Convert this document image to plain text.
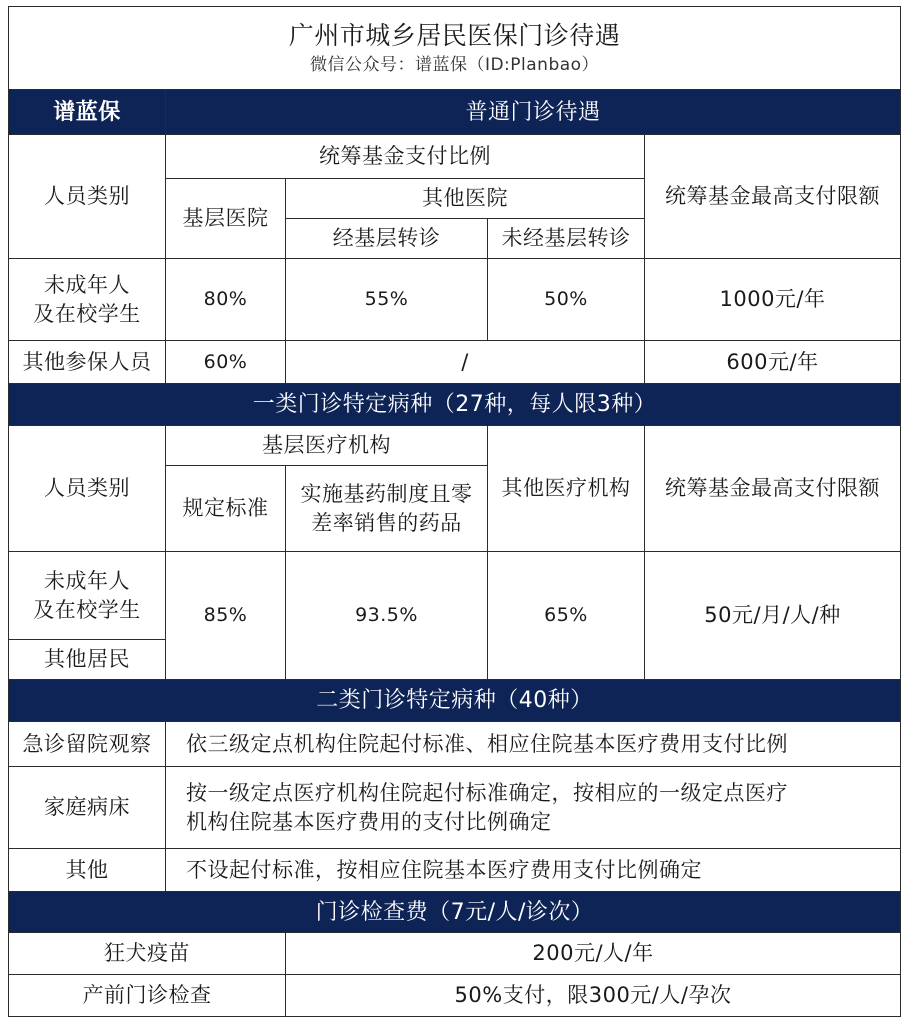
广州市城乡居民医保门诊待遇
微信公众号：谱蓝保（ID:Planbao）				

谱蓝保	普通门诊待遇			
人员类别	统筹基金支付比例			统筹基金最高支付限额
	基层医院	其他医院		
		经基层转诊	未经基层转诊	
未成年人
及在校学生	80%	55%	50%	1000元/年
其他参保人员	60%	/		600元/年
一类门诊特定病种（27种，每人限3种）				
人员类别	基层医疗机构		其他医疗机构	统筹基金最高支付限额
	规定标准	实施基药制度且零
差率销售的药品		
未成年人
及在校学生	85%	93.5%	65%	50元/月/人/种
其他居民				
二类门诊特定病种（40种）				
急诊留院观察	依三级定点机构住院起付标准、相应住院基本医疗费用支付比例			
家庭病床	按一级定点医疗机构住院起付标准确定，按相应的一级定点医疗
机构住院基本医疗费用的支付比例确定			
其他	不设起付标准，按相应住院基本医疗费用支付比例确定			
门诊检查费（7元/人/诊次）				
狂犬疫苗		200元/人/年		
产前门诊检查		50%支付，限300元/人/孕次		
